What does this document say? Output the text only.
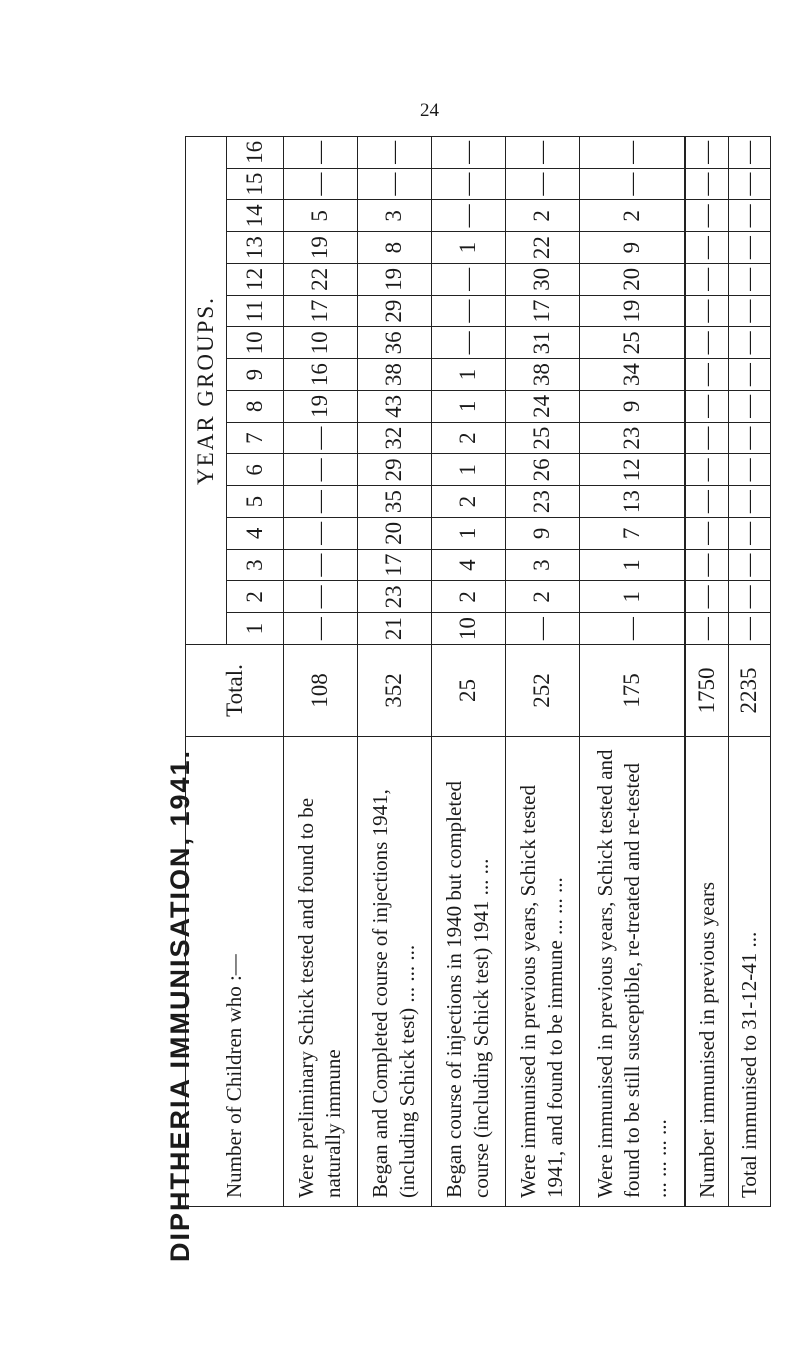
24
DIPHTHERIA IMMUNISATION, 1941. Number of Children who :—	Total.	YEAR GROUPS.															
		1	2	3	4	5	6	7	8	9	10	11	12	13	14	15	16
Were preliminary Schick tested and found to be naturally immune	108	—	—	—	—	—	—	—	19	16	10	17	22	19	5	—	—
Began and Completed course of injections 1941, (including Schick test) ... ... ...	352	21	23	17	20	35	29	32	43	38	36	29	19	8	3	—	—
Began course of injections in 1940 but completed course (including Schick test) 1941 ... ...	25	10	2	4	1	2	1	2	1	1	—	—	—	1	—	—	—
Were immunised in previous years, Schick tested 1941, and found to be immune ... ... ...	252	—	2	3	9	23	26	25	24	38	31	17	30	22	2	—	—
Were immunised in previous years, Schick tested and found to be still susceptible, re-treated and re-tested ... ... ... ...	175	—	1	1	7	13	12	23	9	34	25	19	20	9	2	—	—
Number immunised in previous years	1750	—	—	—	—	—	—	—	—	—	—	—	—	—	—	—	—
Total immunised to 31-12-41 ...	2235	—	—	—	—	—	—	—	—	—	—	—	—	—	—	—	—
